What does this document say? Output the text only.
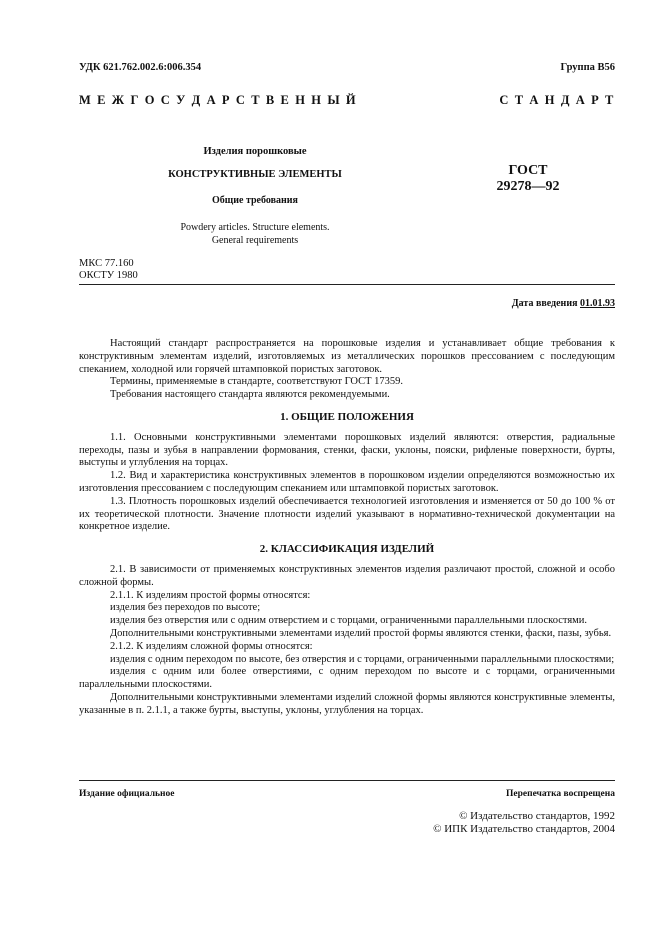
УДК 621.762.002.6:006.354	Группа В56
М Е Ж Г О С У Д А Р С Т В Е Н Н Ы Й	С Т А Н Д А Р Т
Изделия порошковые
КОНСТРУКТИВНЫЕ ЭЛЕМЕНТЫ
Общие требования
Powdery articles. Structure elements.
General requirements
ГОСТ
29278—92
МКС 77.160
ОКСТУ 1980
Дата введения 01.01.93

Настоящий стандарт распространяется на порошковые изделия и устанавливает общие требования к конструктивным элементам изделий, изготовляемых из металлических порошков прессованием с последующим спеканием, холодной или горячей штамповкой пористых заготовок.

Термины, применяемые в стандарте, соответствуют ГОСТ 17359.

Требования настоящего стандарта являются рекомендуемыми.

1. ОБЩИЕ ПОЛОЖЕНИЯ

1.1. Основными конструктивными элементами порошковых изделий являются: отверстия, радиальные переходы, пазы и зубья в направлении формования, стенки, фаски, уклоны, пояски, рифленые поверхности, бурты, выступы и углубления на торцах.

1.2. Вид и характеристика конструктивных элементов в порошковом изделии определяются возможностью их изготовления прессованием с последующим спеканием или штамповкой пористых заготовок.

1.3. Плотность порошковых изделий обеспечивается технологией изготовления и изменяется от 50 до 100 % от их теоретической плотности. Значение плотности изделий указывают в нормативно-технической документации на конкретное изделие.

2. КЛАССИФИКАЦИЯ ИЗДЕЛИЙ

2.1. В зависимости от применяемых конструктивных элементов изделия различают простой, сложной и особо сложной формы.

2.1.1. К изделиям простой формы относятся:

изделия без переходов по высоте;

изделия без отверстия или с одним отверстием и с торцами, ограниченными параллельными плоскостями.

Дополнительными конструктивными элементами изделий простой формы являются стенки, фаски, пазы, зубья.

2.1.2. К изделиям сложной формы относятся:

изделия с одним переходом по высоте, без отверстия и с торцами, ограниченными параллельными плоскостями;

изделия с одним или более отверстиями, с одним переходом по высоте и с торцами, ограниченными параллельными плоскостями.

Дополнительными конструктивными элементами изделий сложной формы являются конструктивные элементы, указанные в п. 2.1.1, а также бурты, выступы, уклоны, углубления на торцах.

Издание официальное	Перепечатка воспрещена
© Издательство стандартов, 1992
© ИПК Издательство стандартов, 2004
